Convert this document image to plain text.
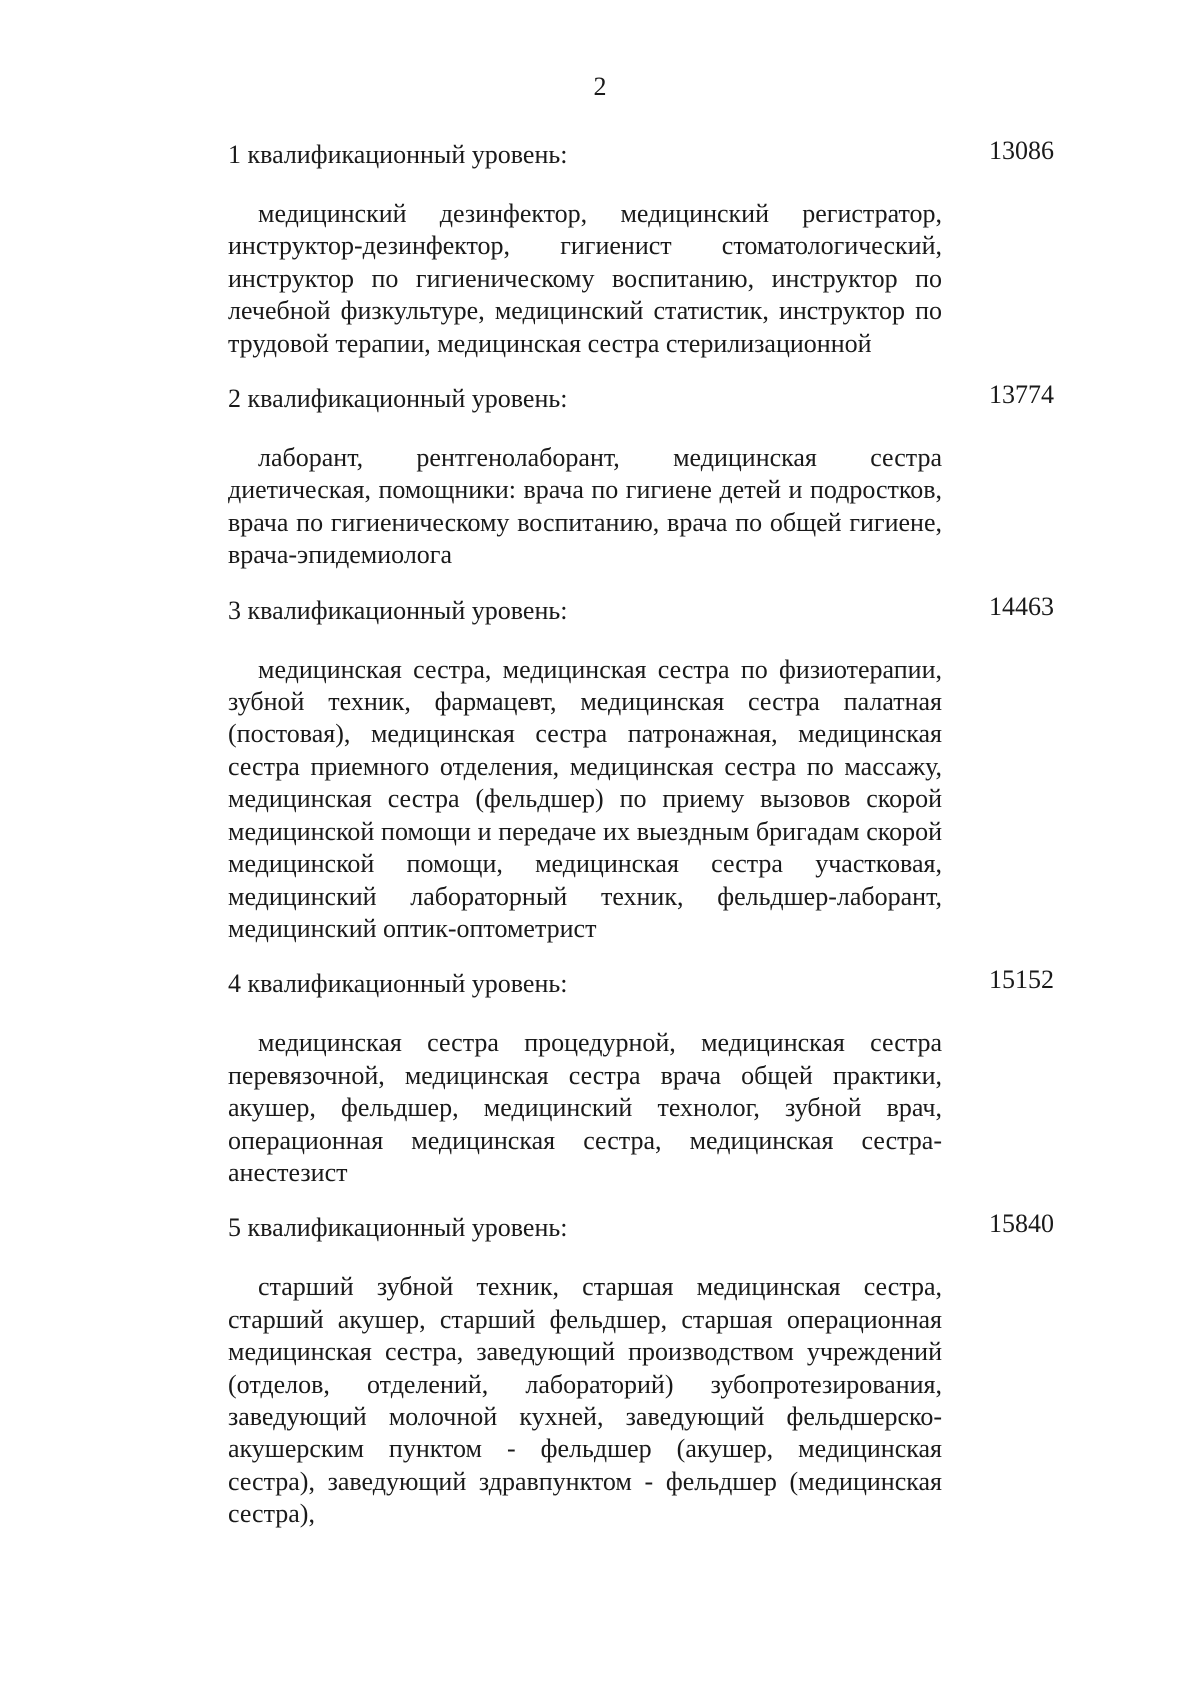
2
1 квалификационный уровень:	13086

медицинский дезинфектор, медицинский регистратор, инструктор-дезинфектор, гигиенист стоматологический, инструктор по гигиеническому воспитанию, инструктор по лечебной физкультуре, медицинский статистик, инструктор по трудовой терапии, медицинская сестра стерилизационной

2 квалификационный уровень:	13774

лаборант, рентгенолаборант, медицинская сестра диетическая, помощники: врача по гигиене детей и подростков, врача по гигиеническому воспитанию, врача по общей гигиене, врача-эпидемиолога

3 квалификационный уровень:	14463

медицинская сестра, медицинская сестра по физиотерапии, зубной техник, фармацевт, медицинская сестра палатная (постовая), медицинская сестра патронажная, медицинская сестра приемного отделения, медицинская сестра по массажу, медицинская сестра (фельдшер) по приему вызовов скорой медицинской помощи и передаче их выездным бригадам скорой медицинской помощи, медицинская сестра участковая, медицинский лабораторный техник, фельдшер-лаборант, медицинский оптик-оптометрист

4 квалификационный уровень:	15152

медицинская сестра процедурной, медицинская сестра перевязочной, медицинская сестра врача общей практики, акушер, фельдшер, медицинский технолог, зубной врач, операционная медицинская сестра, медицинская сестра-анестезист

5 квалификационный уровень:	15840

старший зубной техник, старшая медицинская сестра, старший акушер, старший фельдшер, старшая операционная медицинская сестра, заведующий производством учреждений (отделов, отделений, лабораторий) зубопротезирования, заведующий молочной кухней, заведующий фельдшерско-акушерским пунктом - фельдшер (акушер, медицинская сестра), заведующий здравпунктом - фельдшер (медицинская сестра),
